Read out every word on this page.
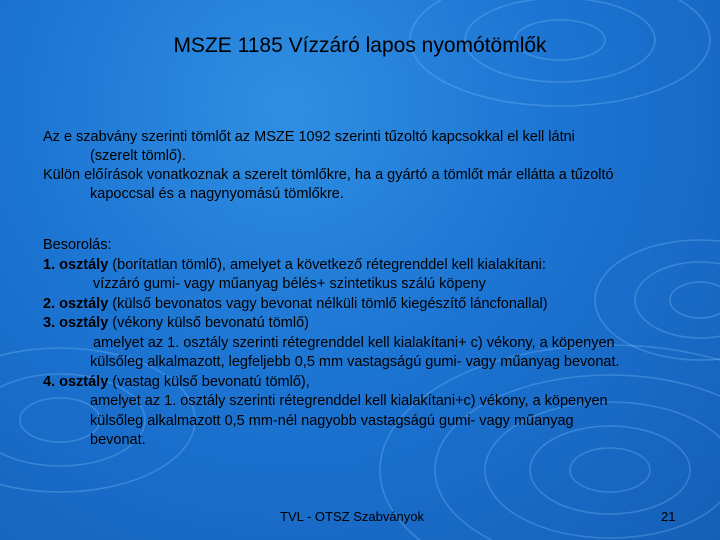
MSZE 1185 Vízzáró lapos nyomótömlők

Az e szabvány szerinti tömlőt az MSZE 1092 szerinti tűzoltó kapcsokkal el kell látni

(szerelt tömlő).

Külön előírások vonatkoznak a szerelt tömlőkre, ha a gyártó a tömlőt már ellátta a tűzoltó

kapoccsal és a nagynyomású tömlőkre.

Besorolás:

1. osztály (borítatlan tömlő), amelyet a következő rétegrenddel kell kialakítani:

vízzáró gumi- vagy műanyag bélés+ szintetikus szálú köpeny

2. osztály (külső bevonatos vagy bevonat nélküli tömlő kiegészítő láncfonallal)

3. osztály (vékony külső bevonatú tömlő)

amelyet az 1. osztály szerinti rétegrenddel kell kialakítani+ c) vékony, a köpenyen

külsőleg alkalmazott, legfeljebb 0,5 mm vastagságú gumi- vagy műanyag bevonat.

4. osztály (vastag külső bevonatú tömlő),

amelyet az 1. osztály szerinti rétegrenddel kell kialakítani+c) vékony, a köpenyen

külsőleg alkalmazott 0,5 mm-nél nagyobb vastagságú gumi- vagy műanyag

bevonat.

TVL - OTSZ Szabványok	21
